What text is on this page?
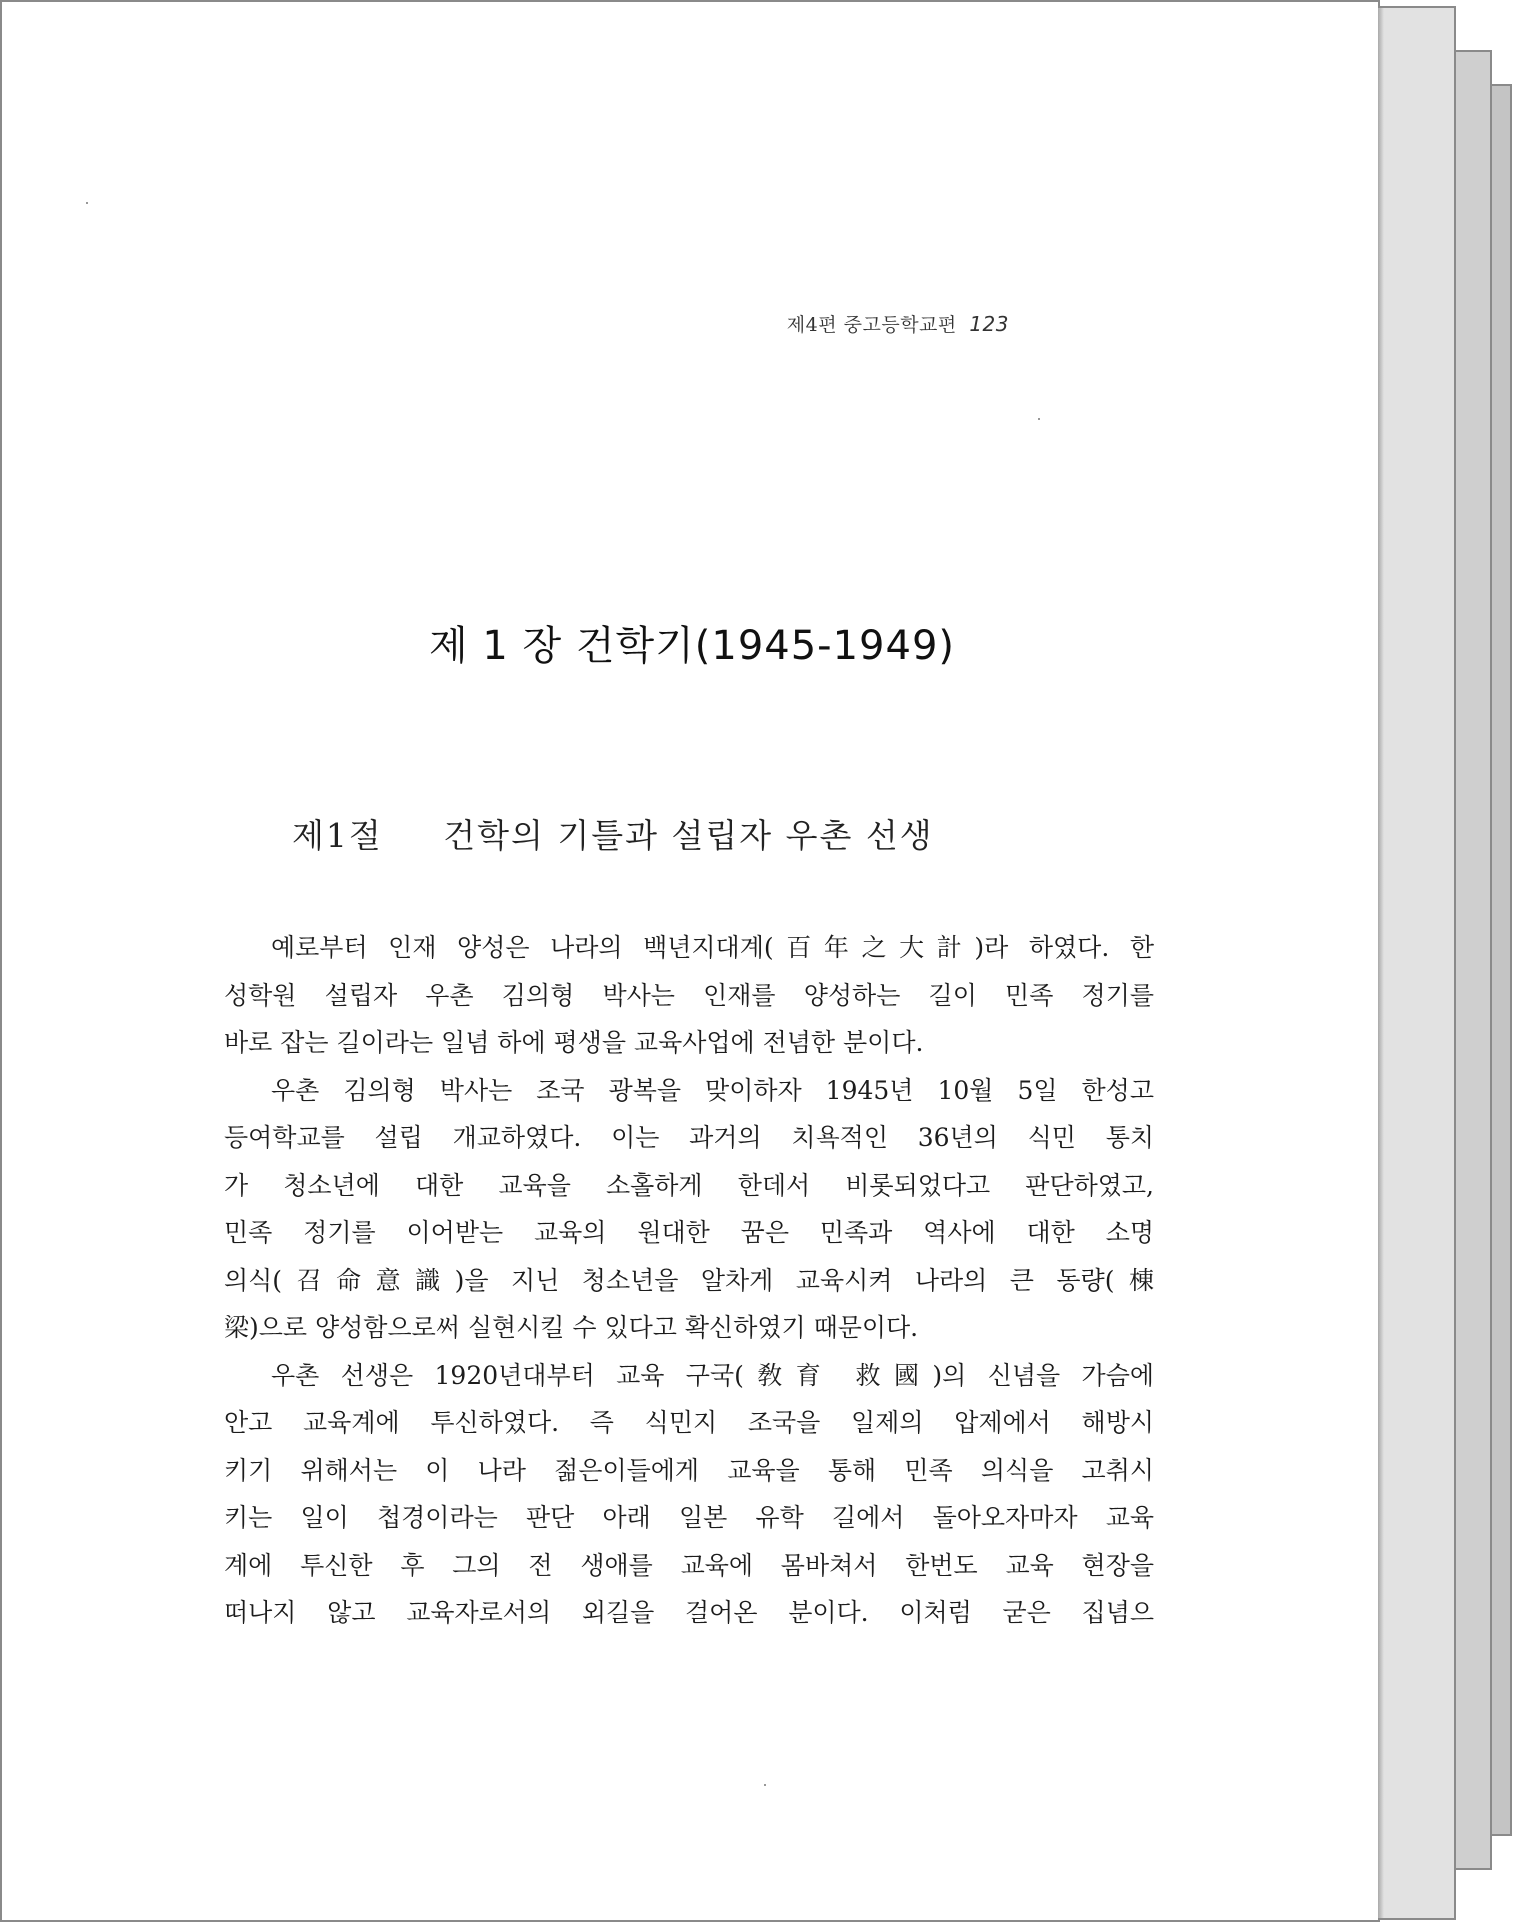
제4편 중고등학교편 123
제 1 장 건학기(1945-1949)
제1절 건학의 기틀과 설립자 우촌 선생
예로부터 인재 양성은 나라의 백년지대계(百年之大計)라 하였다. 한
성학원 설립자 우촌 김의형 박사는 인재를 양성하는 길이 민족 정기를
바로 잡는 길이라는 일념 하에 평생을 교육사업에 전념한 분이다.
우촌 김의형 박사는 조국 광복을 맞이하자 1945년 10월 5일 한성고
등여학교를 설립 개교하였다. 이는 과거의 치욕적인 36년의 식민 통치
가 청소년에 대한 교육을 소홀하게 한데서 비롯되었다고 판단하였고,
민족 정기를 이어받는 교육의 원대한 꿈은 민족과 역사에 대한 소명
의식(召命意識)을 지닌 청소년을 알차게 교육시켜 나라의 큰 동량(棟
梁)으로 양성함으로써 실현시킬 수 있다고 확신하였기 때문이다.
우촌 선생은 1920년대부터 교육 구국(敎育 救國)의 신념을 가슴에
안고 교육계에 투신하였다. 즉 식민지 조국을 일제의 압제에서 해방시
키기 위해서는 이 나라 젊은이들에게 교육을 통해 민족 의식을 고취시
키는 일이 첩경이라는 판단 아래 일본 유학 길에서 돌아오자마자 교육
계에 투신한 후 그의 전 생애를 교육에 몸바쳐서 한번도 교육 현장을
떠나지 않고 교육자로서의 외길을 걸어온 분이다. 이처럼 굳은 집념으
